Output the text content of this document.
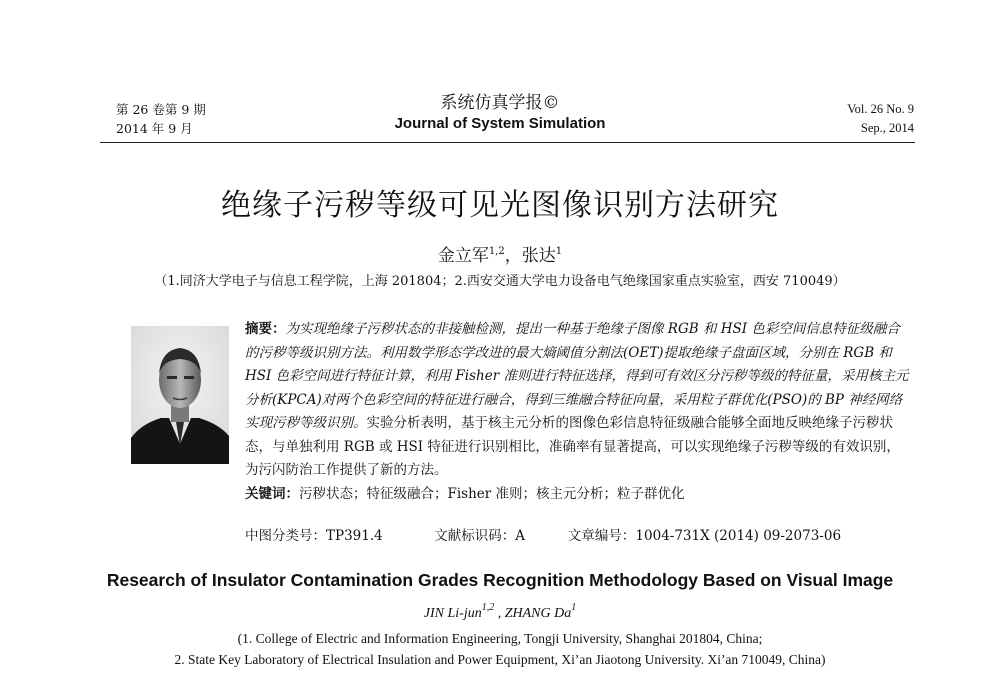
第 26 卷第 9 期
2014 年 9 月
系统仿真学报©
Journal of System Simulation
Vol. 26 No. 9
Sep., 2014
绝缘子污秽等级可见光图像识别方法研究
金立军$^{1,2}$，张达$^1$
（1.同济大学电子与信息工程学院，上海 201804；2.西安交通大学电力设备电气绝缘国家重点实验室，西安 710049）

摘要：为实现绝缘子污秽状态的非接触检测，提出一种基于绝缘子图像 RGB 和 HSI 色彩空间信息特征级融合的污秽等级识别方法。利用数学形态学改进的最大熵阈值分割法(OET)提取绝缘子盘面区域，分别在 RGB 和 HSI 色彩空间进行特征计算，利用 Fisher 准则进行特征选择，得到可有效区分污秽等级的特征量，采用核主元分析(KPCA)对两个色彩空间的特征进行融合，得到三维融合特征向量，采用粒子群优化(PSO)的 BP 神经网络实现污秽等级识别。实验分析表明，基于核主元分析的图像色彩信息特征级融合能够全面地反映绝缘子污秽状态，与单独利用 RGB 或 HSI 特征进行识别相比，准确率有显著提高，可以实现绝缘子污秽等级的有效识别，为污闪防治工作提供了新的方法。

关键词：污秽状态；特征级融合；Fisher 准则；核主元分析；粒子群优化

中图分类号：TP391.4	文献标识码：A	文章编号：1004-731X (2014) 09-2073-06
Research of Insulator Contamination Grades Recognition Methodology Based on Visual Image
JIN Li-jun$^{1,2}$ , ZHANG Da$^1$
(1. College of Electric and Information Engineering, Tongji University, Shanghai 201804, China;
2. State Key Laboratory of Electrical Insulation and Power Equipment, Xi’an Jiaotong University. Xi’an 710049, China)
